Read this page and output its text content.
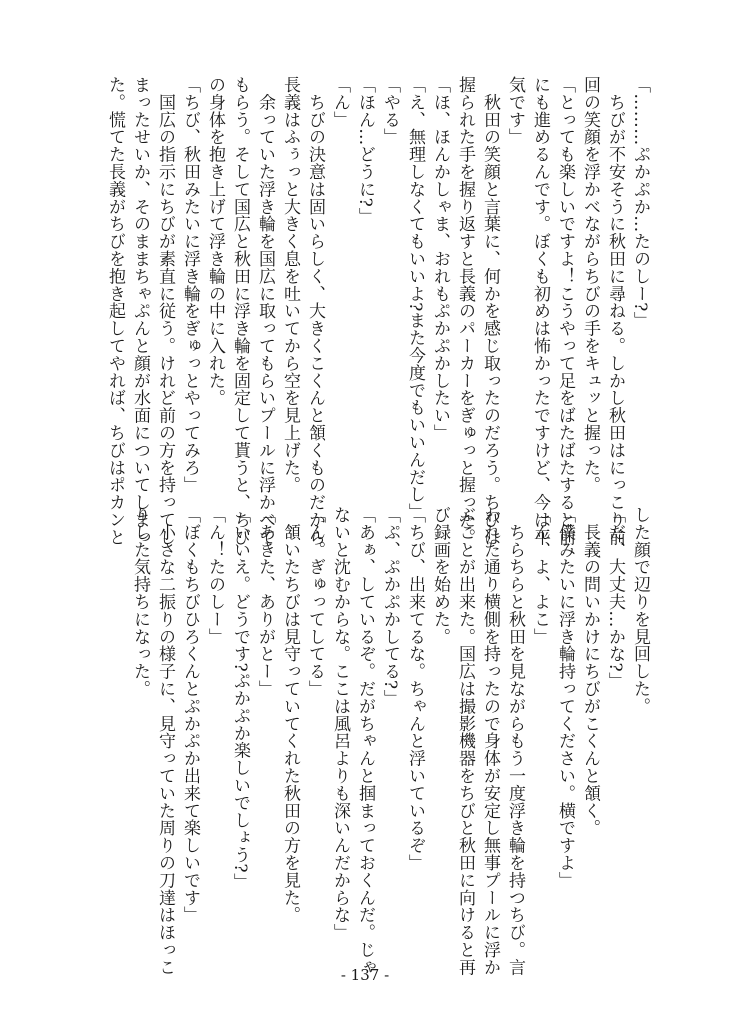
「………ぷかぷか…たのしー?」
　ちびが不安そうに秋田に尋ねる。しかし秋田はにっこり前
回の笑顔を浮かべながらちびの手をキュッと握った。
「とっても楽しいですよ！こうやって足をばたばたすると前
にも進めるんです。ぼくも初めは怖かったですけど、今は平
気です」
　秋田の笑顔と言葉に、何かを感じ取ったのだろう。ちびは
握られた手を握り返すと長義のパーカーをぎゅっと握った。
「ほ、ほんかしゃま、おれもぷかぷかしたい」
「え、無理しなくてもいいよ?また今度でもいいんだし」
「やる」
「ほん…どうに?」
「ん」
　ちびの決意は固いらしく、大きくこくんと頷くものだから
長義はふぅっと大きく息を吐いてから空を見上げた。
　余っていた浮き輪を国広に取ってもらいプールに浮かべて
もらう。そして国広と秋田に浮き輪を固定して貰うと、ちび
の身体を抱き上げて浮き輪の中に入れた。
「ちび、秋田みたいに浮き輪をぎゅっとやってみろ」
　国広の指示にちびが素直に従う。けれど前の方を持ってし
まったせいか、そのままちゃぷんと顔が水面についてしまっ
た。慌てた長義がちびを抱き起してやれば、ちびはポカンと
した顔で辺りを見回した。
「だ、大丈夫…かな?」
　長義の問いかけにちびがこくんと頷く。
「僕みたいに浮き輪持ってください。横ですよ」
「ん、よ、よこ」
　ちらちらと秋田を見ながらもう一度浮き輪を持つちび。言
われた通り横側を持ったので身体が安定し無事プールに浮か
ぶことが出来た。国広は撮影機器をちびと秋田に向けると再
び録画を始めた。
「ちび、出来てるな。ちゃんと浮いているぞ」
「ぷ、ぷかぷかしてる?」
「あぁ、しているぞ。だがちゃんと掴まっておくんだ。じゃ
ないと沈むからな。ここは風呂よりも深いんだからな」
「ん。ぎゅってしてる」
　頷いたちびは見守っていてくれた秋田の方を見た。
「あきた、ありがとー」
「いいえ。どうです?ぷかぷか楽しいでしょう?」
「ん！たのしー」
「ぼくもちびひろくんとぷかぷか出来て楽しいです」
　小さな二振りの様子に、見守っていた周りの刀達はほっこ
りした気持ちになった。
- 137 -
